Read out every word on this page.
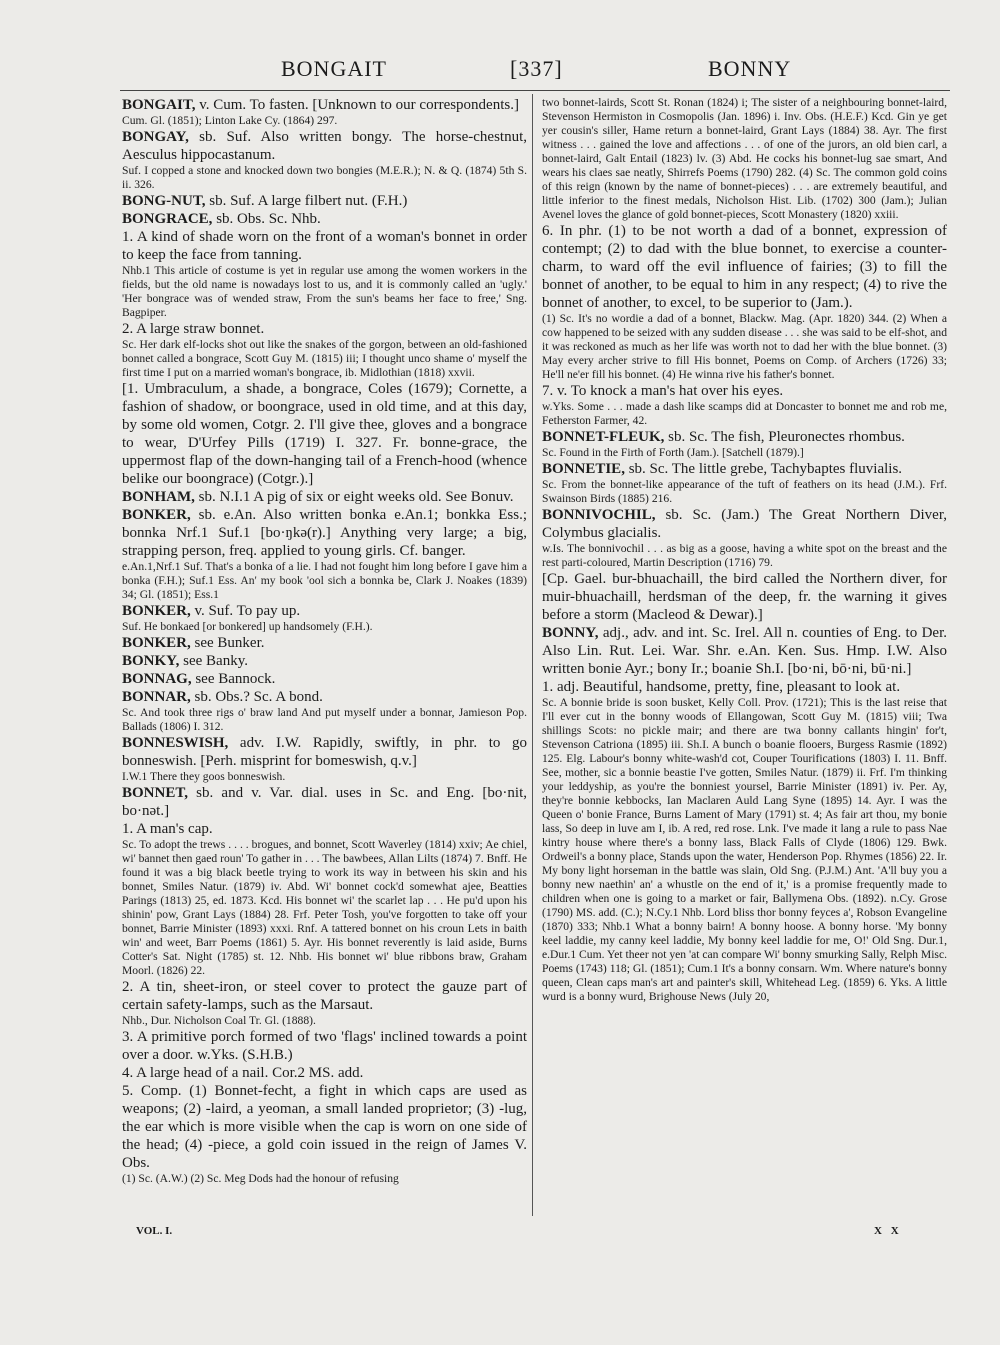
BONGAIT	[337]	BONNY

BONGAIT, v. Cum. To fasten. [Unknown to our correspondents.]

Cum. Gl. (1851); Linton Lake Cy. (1864) 297.

BONGAY, sb. Suf. Also written bongy. The horse-chestnut, Aesculus hippocastanum.

Suf. I copped a stone and knocked down two bongies (M.E.R.); N. & Q. (1874) 5th S. ii. 326.

BONG-NUT, sb. Suf. A large filbert nut. (F.H.)

BONGRACE, sb. Obs. Sc. Nhb.

1. A kind of shade worn on the front of a woman's bonnet in order to keep the face from tanning.

Nhb.1 This article of costume is yet in regular use among the women workers in the fields, but the old name is nowadays lost to us, and it is commonly called an 'ugly.' 'Her bongrace was of wended straw, From the sun's beams her face to free,' Sng. Bagpiper.

2. A large straw bonnet.

Sc. Her dark elf-locks shot out like the snakes of the gorgon, between an old-fashioned bonnet called a bongrace, Scott Guy M. (1815) iii; I thought unco shame o' myself the first time I put on a married woman's bongrace, ib. Midlothian (1818) xxvii.

[1. Umbraculum, a shade, a bongrace, Coles (1679); Cornette, a fashion of shadow, or boongrace, used in old time, and at this day, by some old women, Cotgr. 2. I'll give thee, gloves and a bongrace to wear, D'Urfey Pills (1719) I. 327. Fr. bonne-grace, the uppermost flap of the down-hanging tail of a French-hood (whence belike our boongrace) (Cotgr.).]

BONHAM, sb. N.I.1 A pig of six or eight weeks old. See Bonuv.

BONKER, sb. e.An. Also written bonka e.An.1; bonkka Ess.; bonnka Nrf.1 Suf.1 [bo·ŋkə(r).] Anything very large; a big, strapping person, freq. applied to young girls. Cf. banger.

e.An.1,Nrf.1 Suf. That's a bonka of a lie. I had not fought him long before I gave him a bonka (F.H.); Suf.1 Ess. An' my book 'ool sich a bonnka be, Clark J. Noakes (1839) 34; Gl. (1851); Ess.1

BONKER, v. Suf. To pay up.

Suf. He bonkaed [or bonkered] up handsomely (F.H.).

BONKER, see Bunker.

BONKY, see Banky.

BONNAG, see Bannock.

BONNAR, sb. Obs.? Sc. A bond.

Sc. And took three rigs o' braw land And put myself under a bonnar, Jamieson Pop. Ballads (1806) I. 312.

BONNESWISH, adv. I.W. Rapidly, swiftly, in phr. to go bonneswish. [Perh. misprint for bomeswish, q.v.]

I.W.1 There they goos bonneswish.

BONNET, sb. and v. Var. dial. uses in Sc. and Eng. [bo·nit, bo·nət.]

1. A man's cap.

Sc. To adopt the trews . . . . brogues, and bonnet, Scott Waverley (1814) xxiv; Ae chiel, wi' bannet then gaed roun' To gather in . . . The bawbees, Allan Lilts (1874) 7. Bnff. He found it was a big black beetle trying to work its way in between his skin and his bonnet, Smiles Natur. (1879) iv. Abd. Wi' bonnet cock'd somewhat ajee, Beatties Parings (1813) 25, ed. 1873. Kcd. His bonnet wi' the scarlet lap . . . He pu'd upon his shinin' pow, Grant Lays (1884) 28. Frf. Peter Tosh, you've forgotten to take off your bonnet, Barrie Minister (1893) xxxi. Rnf. A tattered bonnet on his croun Lets in baith win' and weet, Barr Poems (1861) 5. Ayr. His bonnet reverently is laid aside, Burns Cotter's Sat. Night (1785) st. 12. Nhb. His bonnet wi' blue ribbons braw, Graham Moorl. (1826) 22.

2. A tin, sheet-iron, or steel cover to protect the gauze part of certain safety-lamps, such as the Marsaut.

Nhb., Dur. Nicholson Coal Tr. Gl. (1888).

3. A primitive porch formed of two 'flags' inclined towards a point over a door. w.Yks. (S.H.B.)

4. A large head of a nail. Cor.2 MS. add.

5. Comp. (1) Bonnet-fecht, a fight in which caps are used as weapons; (2) -laird, a yeoman, a small landed proprietor; (3) -lug, the ear which is more visible when the cap is worn on one side of the head; (4) -piece, a gold coin issued in the reign of James V. Obs.

(1) Sc. (A.W.) (2) Sc. Meg Dods had the honour of refusing

two bonnet-lairds, Scott St. Ronan (1824) i; The sister of a neighbouring bonnet-laird, Stevenson Hermiston in Cosmopolis (Jan. 1896) i. Inv. Obs. (H.E.F.) Kcd. Gin ye get yer cousin's siller, Hame return a bonnet-laird, Grant Lays (1884) 38. Ayr. The first witness . . . gained the love and affections . . . of one of the jurors, an old bien carl, a bonnet-laird, Galt Entail (1823) lv. (3) Abd. He cocks his bonnet-lug sae smart, And wears his claes sae neatly, Shirrefs Poems (1790) 282. (4) Sc. The common gold coins of this reign (known by the name of bonnet-pieces) . . . are extremely beautiful, and little inferior to the finest medals, Nicholson Hist. Lib. (1702) 300 (Jam.); Julian Avenel loves the glance of gold bonnet-pieces, Scott Monastery (1820) xxiii.

6. In phr. (1) to be not worth a dad of a bonnet, expression of contempt; (2) to dad with the blue bonnet, to exercise a counter-charm, to ward off the evil influence of fairies; (3) to fill the bonnet of another, to be equal to him in any respect; (4) to rive the bonnet of another, to excel, to be superior to (Jam.).

(1) Sc. It's no wordie a dad of a bonnet, Blackw. Mag. (Apr. 1820) 344. (2) When a cow happened to be seized with any sudden disease . . . she was said to be elf-shot, and it was reckoned as much as her life was worth not to dad her with the blue bonnet. (3) May every archer strive to fill His bonnet, Poems on Comp. of Archers (1726) 33; He'll ne'er fill his bonnet. (4) He winna rive his father's bonnet.

7. v. To knock a man's hat over his eyes.

w.Yks. Some . . . made a dash like scamps did at Doncaster to bonnet me and rob me, Fetherston Farmer, 42.

BONNET-FLEUK, sb. Sc. The fish, Pleuronectes rhombus.

Sc. Found in the Firth of Forth (Jam.). [Satchell (1879).]

BONNETIE, sb. Sc. The little grebe, Tachybaptes fluvialis.

Sc. From the bonnet-like appearance of the tuft of feathers on its head (J.M.). Frf. Swainson Birds (1885) 216.

BONNIVOCHIL, sb. Sc. (Jam.) The Great Northern Diver, Colymbus glacialis.

w.Is. The bonnivochil . . . as big as a goose, having a white spot on the breast and the rest parti-coloured, Martin Description (1716) 79.

[Cp. Gael. bur-bhuachaill, the bird called the Northern diver, for muir-bhuachaill, herdsman of the deep, fr. the warning it gives before a storm (Macleod & Dewar).]

BONNY, adj., adv. and int. Sc. Irel. All n. counties of Eng. to Der. Also Lin. Rut. Lei. War. Shr. e.An. Ken. Sus. Hmp. I.W. Also written bonie Ayr.; bony Ir.; boanie Sh.I. [bo·ni, bō·ni, bū·ni.]

1. adj. Beautiful, handsome, pretty, fine, pleasant to look at.

Sc. A bonnie bride is soon busket, Kelly Coll. Prov. (1721); This is the last reise that I'll ever cut in the bonny woods of Ellangowan, Scott Guy M. (1815) viii; Twa shillings Scots: no pickle mair; and there are twa bonny callants hingin' for't, Stevenson Catriona (1895) iii. Sh.I. A bunch o boanie flooers, Burgess Rasmie (1892) 125. Elg. Labour's bonny white-wash'd cot, Couper Tourifications (1803) I. 11. Bnff. See, mother, sic a bonnie beastie I've gotten, Smiles Natur. (1879) ii. Frf. I'm thinking your leddyship, as you're the bonniest yoursel, Barrie Minister (1891) iv. Per. Ay, they're bonnie kebbocks, Ian Maclaren Auld Lang Syne (1895) 14. Ayr. I was the Queen o' bonie France, Burns Lament of Mary (1791) st. 4; As fair art thou, my bonie lass, So deep in luve am I, ib. A red, red rose. Lnk. I've made it lang a rule to pass Nae kintry house where there's a bonny lass, Black Falls of Clyde (1806) 129. Bwk. Ordweil's a bonny place, Stands upon the water, Henderson Pop. Rhymes (1856) 22. Ir. My bony light horseman in the battle was slain, Old Sng. (P.J.M.) Ant. 'A'll buy you a bonny new naethin' an' a whustle on the end of it,' is a promise frequently made to children when one is going to a market or fair, Ballymena Obs. (1892). n.Cy. Grose (1790) MS. add. (C.); N.Cy.1 Nhb. Lord bliss thor bonny feyces a', Robson Evangeline (1870) 333; Nhb.1 What a bonny bairn! A bonny hoose. A bonny horse. 'My bonny keel laddie, my canny keel laddie, My bonny keel laddie for me, O!' Old Sng. Dur.1, e.Dur.1 Cum. Yet theer not yen 'at can compare Wi' bonny smurking Sally, Relph Misc. Poems (1743) 118; Gl. (1851); Cum.1 It's a bonny consarn. Wm. Where nature's bonny queen, Clean caps man's art and painter's skill, Whitehead Leg. (1859) 6. Yks. A little wurd is a bonny wurd, Brighouse News (July 20,

VOL. I.	X X
